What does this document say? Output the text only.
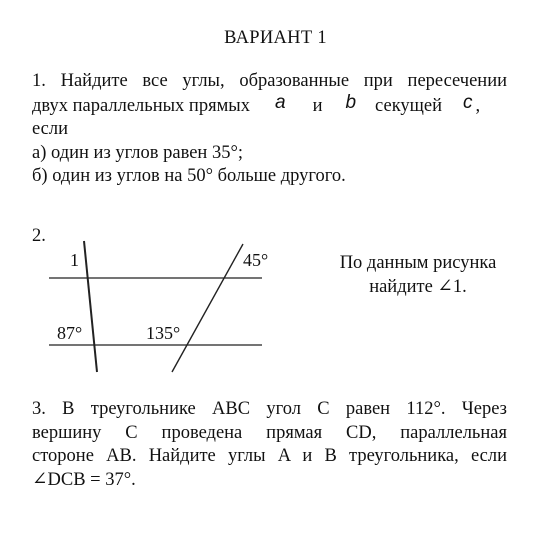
ВАРИАНТ 1
1. Найдите все углы, образованные при пересечении
двух параллельных прямых a и b секущей c ,
если
а) один из углов равен 35°;
б) один из углов на 50° больше другого.
2.
1	45°
87°	135°
По данным рисунка
найдите ∠1.
3. В треугольнике ABC угол C равен 112°. Через
вершину C проведена прямая CD, параллельная
стороне AB. Найдите углы A и B треугольника, если
∠DCB = 37°.
